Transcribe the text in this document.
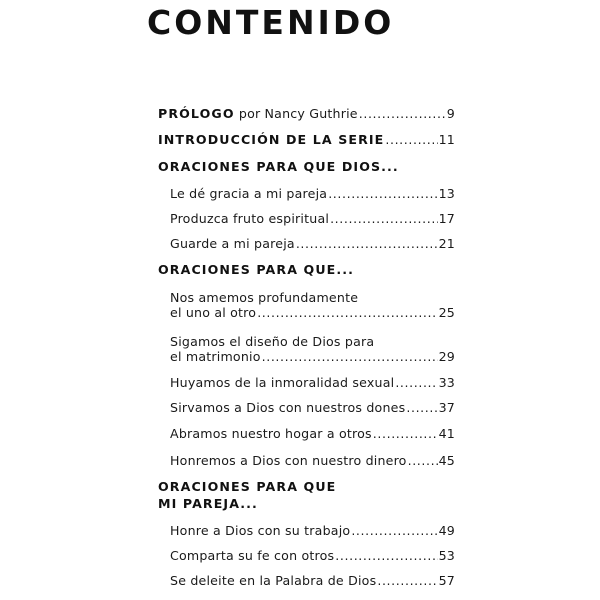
CONTENIDO
PRÓLOGO por Nancy Guthrie .....	9
INTRODUCCIÓN DE LA SERIE .....	11
ORACIONES PARA QUE DIOS...
Le dé gracia a mi pareja .....	13
Produzca fruto espiritual .....	17
Guarde a mi pareja .....	21
ORACIONES PARA QUE...
Nos amemos profundamente
el uno al otro .....	25
Sigamos el diseño de Dios para
el matrimonio .....	29
Huyamos de la inmoralidad sexual .....	33
Sirvamos a Dios con nuestros dones .....	37
Abramos nuestro hogar a otros .....	41
Honremos a Dios con nuestro dinero .....	45
ORACIONES PARA QUE
MI PAREJA...
Honre a Dios con su trabajo .....	49
Comparta su fe con otros .....	53
Se deleite en la Palabra de Dios .....	57
